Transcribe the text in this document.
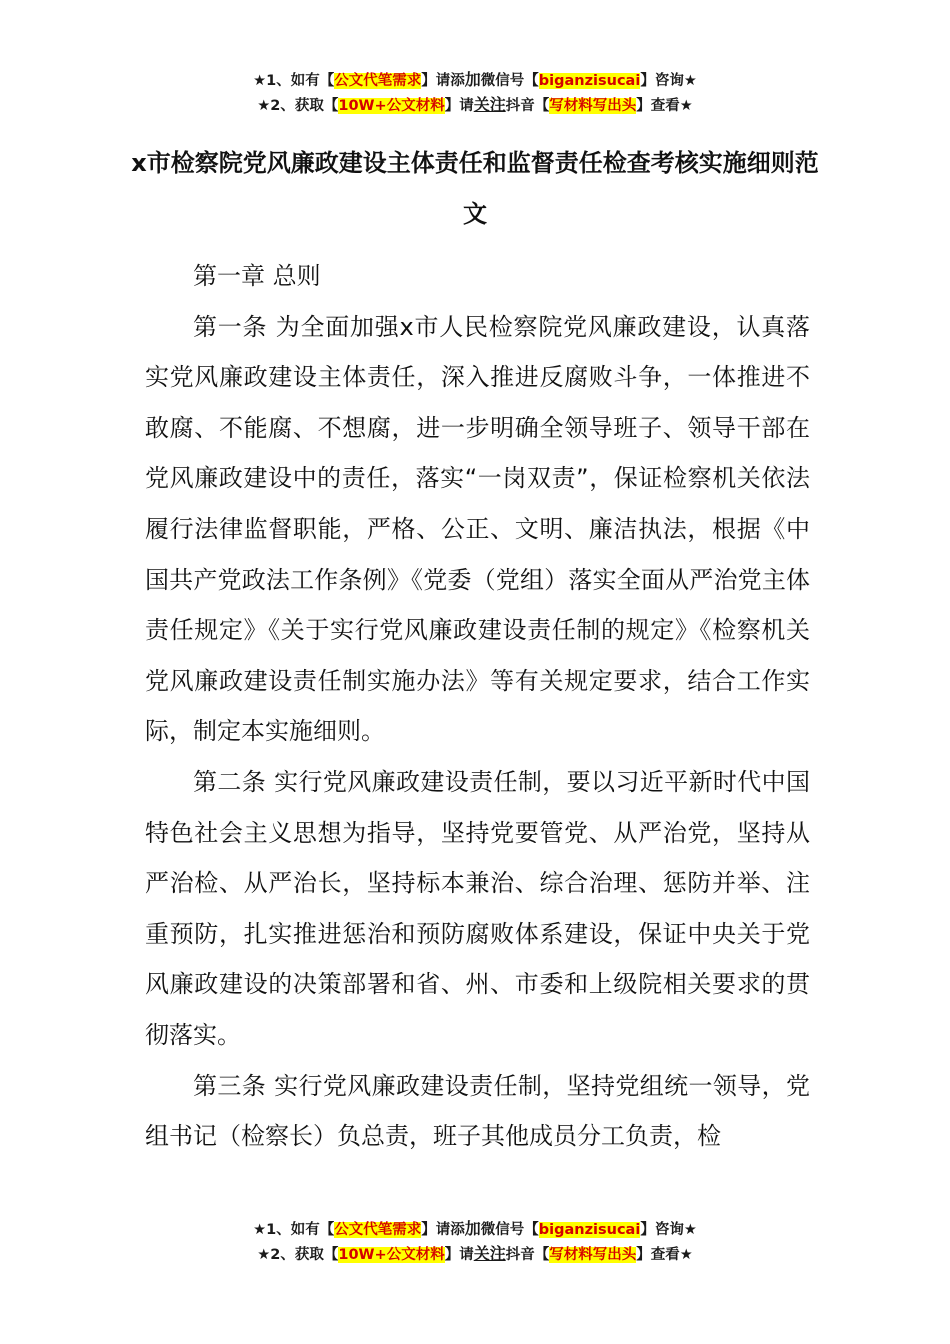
★1、如有【公文代笔需求】请添加微信号【biganzisucai】咨询★
★2、获取【10W+公文材料】请关注抖音【写材料写出头】查看★
x市检察院党风廉政建设主体责任和监督责任检查考核实施细则范文

第一章 总则

第一条 为全面加强x市人民检察院党风廉政建设，认真落实党风廉政建设主体责任，深入推进反腐败斗争，一体推进不敢腐、不能腐、不想腐，进一步明确全领导班子、领导干部在党风廉政建设中的责任，落实“一岗双责”，保证检察机关依法履行法律监督职能，严格、公正、文明、廉洁执法，根据《中国共产党政法工作条例》《党委（党组）落实全面从严治党主体责任规定》《关于实行党风廉政建设责任制的规定》《检察机关党风廉政建设责任制实施办法》等有关规定要求，结合工作实际，制定本实施细则。

第二条 实行党风廉政建设责任制，要以习近平新时代中国特色社会主义思想为指导，坚持党要管党、从严治党，坚持从严治检、从严治长，坚持标本兼治、综合治理、惩防并举、注重预防，扎实推进惩治和预防腐败体系建设，保证中央关于党风廉政建设的决策部署和省、州、市委和上级院相关要求的贯彻落实。

第三条 实行党风廉政建设责任制，坚持党组统一领导，党组书记（检察长）负总责，班子其他成员分工负责，检

★1、如有【公文代笔需求】请添加微信号【biganzisucai】咨询★
★2、获取【10W+公文材料】请关注抖音【写材料写出头】查看★
